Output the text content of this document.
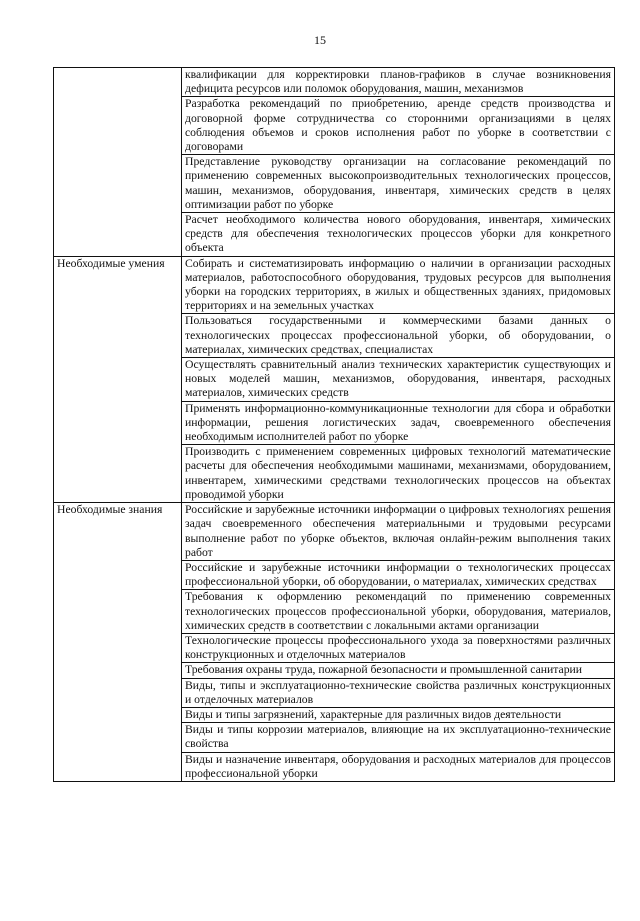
15

	квалификации для корректировки планов-графиков в случае возникновения дефицита ресурсов или поломок оборудования, машин, механизмов

	Разработка рекомендаций по приобретению, аренде средств производства и договорной форме сотрудничества со сторонними организациями в целях соблюдения объемов и сроков исполнения работ по уборке в соответствии с договорами

	Представление руководству организации на согласование рекомендаций по применению современных высокопроизводительных технологических процессов, машин, механизмов, оборудования, инвентаря, химических средств в целях оптимизации работ по уборке

	Расчет необходимого количества нового оборудования, инвентаря, химических средств для обеспечения технологических процессов уборки для конкретного объекта

Необходимые умения	Собирать и систематизировать информацию о наличии в организации расходных материалов, работоспособного оборудования, трудовых ресурсов для выполнения уборки на городских территориях, в жилых и общественных зданиях, придомовых территориях и на земельных участках

	Пользоваться государственными и коммерческими базами данных о технологических процессах профессиональной уборки, об оборудовании, о материалах, химических средствах, специалистах

	Осуществлять сравнительный анализ технических характеристик существующих и новых моделей машин, механизмов, оборудования, инвентаря, расходных материалов, химических средств

	Применять информационно-коммуникационные технологии для сбора и обработки информации, решения логистических задач, своевременного обеспечения необходимым исполнителей работ по уборке

	Производить с применением современных цифровых технологий математические расчеты для обеспечения необходимыми машинами, механизмами, оборудованием, инвентарем, химическими средствами технологических процессов на объектах проводимой уборки

Необходимые знания	Российские и зарубежные источники информации о цифровых технологиях решения задач своевременного обеспечения материальными и трудовыми ресурсами выполнение работ по уборке объектов, включая онлайн-режим выполнения таких работ

	Российские и зарубежные источники информации о технологических процессах профессиональной уборки, об оборудовании, о материалах, химических средствах

	Требования к оформлению рекомендаций по применению современных технологических процессов профессиональной уборки, оборудования, материалов, химических средств в соответствии с локальными актами организации

	Технологические процессы профессионального ухода за поверхностями различных конструкционных и отделочных материалов

	Требования охраны труда, пожарной безопасности и промышленной санитарии

	Виды, типы и эксплуатационно-технические свойства различных конструкционных и отделочных материалов

	Виды и типы загрязнений, характерные для различных видов деятельности

	Виды и типы коррозии материалов, влияющие на их эксплуатационно-технические свойства

	Виды и назначение инвентаря, оборудования и расходных материалов для процессов профессиональной уборки
